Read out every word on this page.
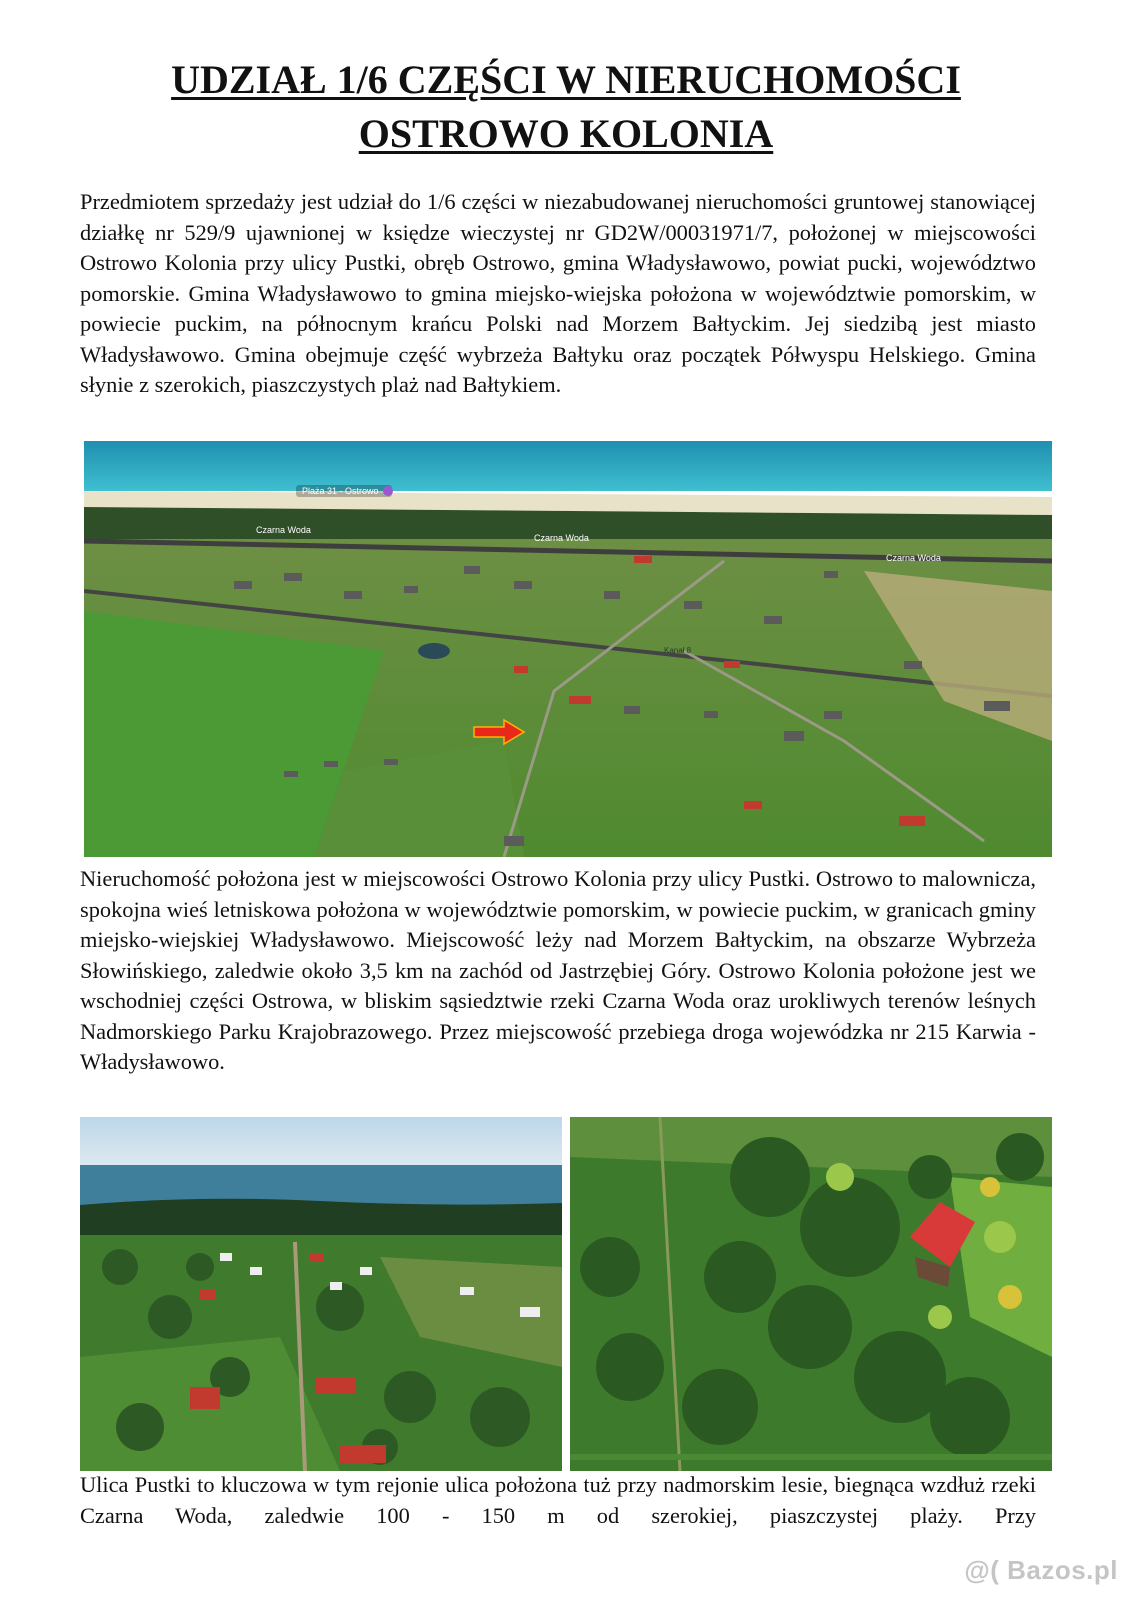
UDZIAŁ 1/6 CZĘŚCI W NIERUCHOMOŚCI
OSTROWO KOLONIA

Przedmiotem sprzedaży jest udział do 1/6 części w niezabudowanej nieruchomości gruntowej stanowiącej działkę nr 529/9 ujawnionej w księdze wieczystej nr GD2W/00031971/7, położonej w miejscowości Ostrowo Kolonia przy ulicy Pustki, obręb Ostrowo, gmina Władysławowo, powiat pucki, województwo pomorskie. Gmina Władysławowo to gmina miejsko-wiejska położona w województwie pomorskim, w powiecie puckim, na północnym krańcu Polski nad Morzem Bałtyckim. Jej siedzibą jest miasto Władysławowo. Gmina obejmuje część wybrzeża Bałtyku oraz początek Półwyspu Helskiego. Gmina słynie z szerokich, piaszczystych plaż nad Bałtykiem.

Plaża 31 - Ostrowo
Czarna Woda
Czarna Woda
Czarna Woda
Kanał 8

Nieruchomość położona jest w miejscowości Ostrowo Kolonia przy ulicy Pustki. Ostrowo to malownicza, spokojna wieś letniskowa położona w województwie pomorskim, w powiecie puckim, w granicach gminy miejsko-wiejskiej Władysławowo. Miejscowość leży nad Morzem Bałtyckim, na obszarze Wybrzeża Słowińskiego, zaledwie około 3,5 km na zachód od Jastrzębiej Góry. Ostrowo Kolonia położone jest we wschodniej części Ostrowa, w bliskim sąsiedztwie rzeki Czarna Woda oraz urokliwych terenów leśnych Nadmorskiego Parku Krajobrazowego. Przez miejscowość przebiega droga wojewódzka nr 215 Karwia - Władysławowo.

Ulica Pustki to kluczowa w tym rejonie ulica położona tuż przy nadmorskim lesie, biegnąca wzdłuż rzeki Czarna Woda, zaledwie 100 - 150 m od szerokiej, piaszczystej plaży. Przy

@( Bazos.pl
